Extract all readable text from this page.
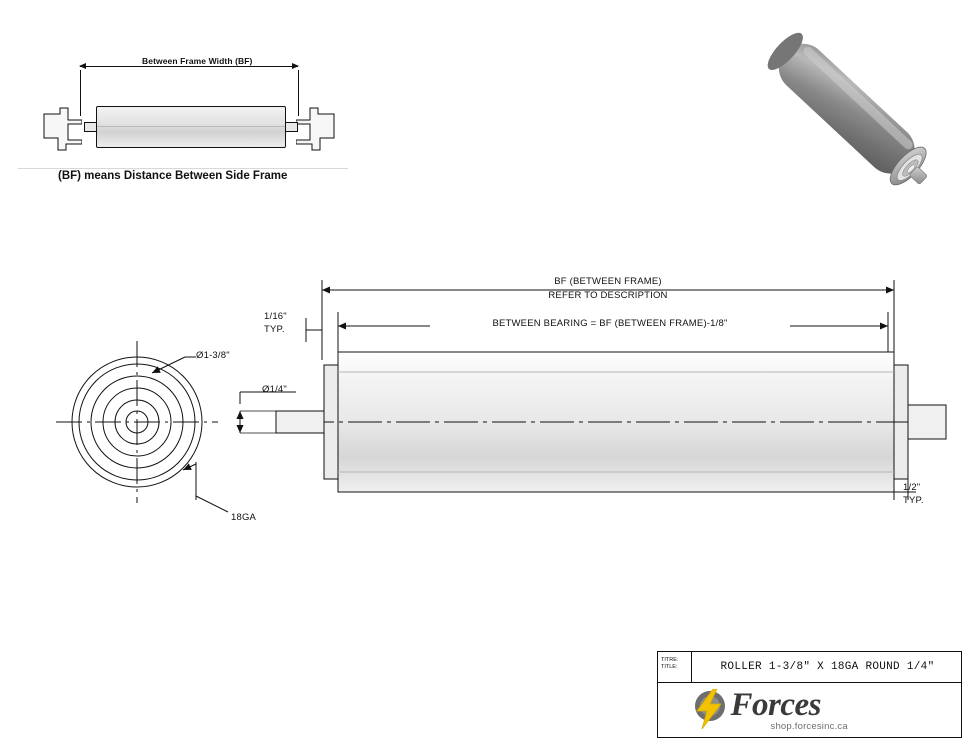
Between Frame Width (BF)
(BF) means Distance Between Side Frame
BF (BETWEEN FRAME)
REFER TO DESCRIPTION
BETWEEN BEARING = BF (BETWEEN FRAME)-1/8"
1/16"
TYP.
1/2"
TYP.
Ø1/4"
Ø1-3/8"
18GA
TITRE:
TITLE:	ROLLER 1-3/8" X 18GA ROUND 1/4"
Forces
shop.forcesinc.ca
